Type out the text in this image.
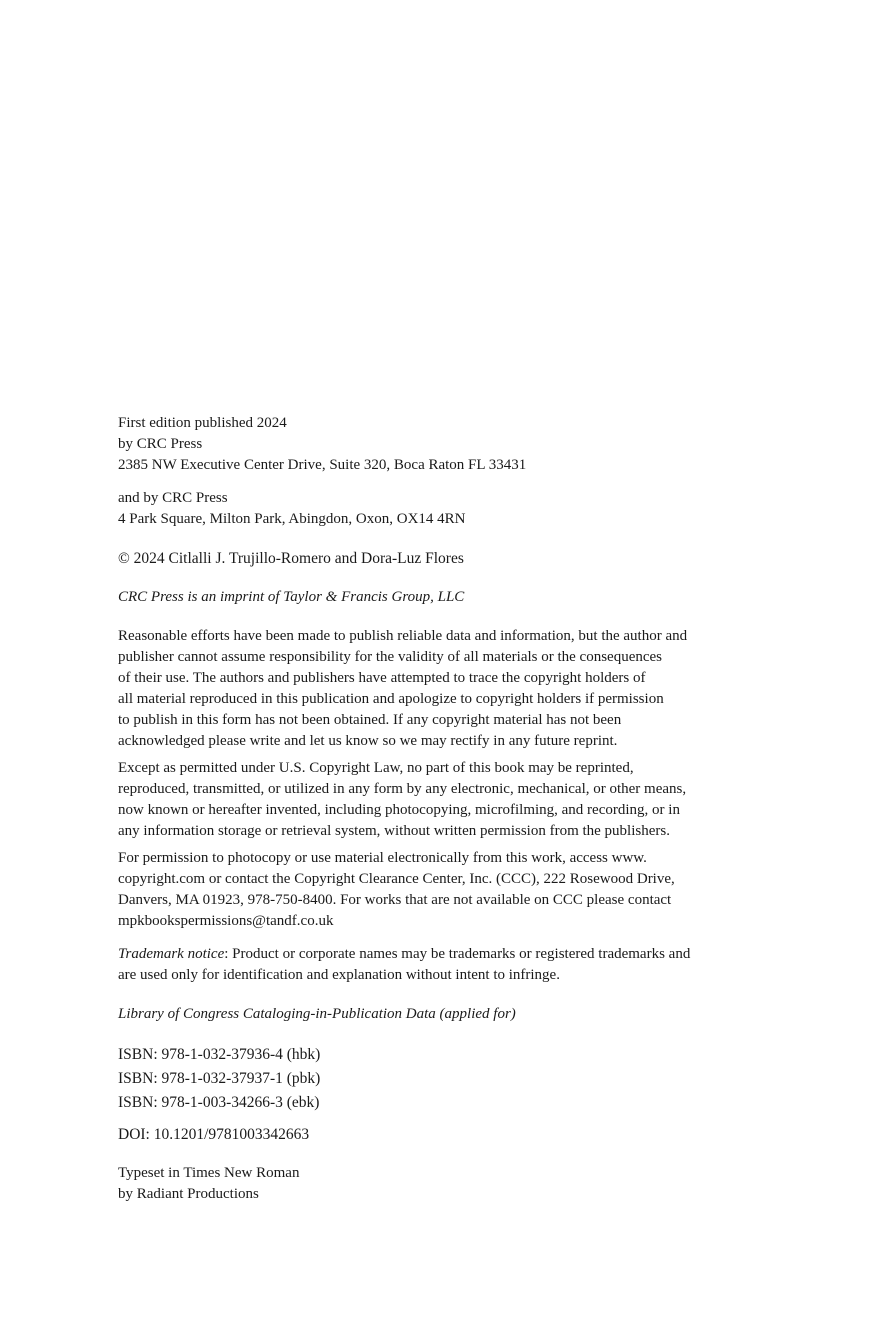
First edition published 2024
by CRC Press
2385 NW Executive Center Drive, Suite 320, Boca Raton FL 33431
and by CRC Press
4 Park Square, Milton Park, Abingdon, Oxon, OX14 4RN
© 2024 Citlalli J. Trujillo-Romero and Dora-Luz Flores
CRC Press is an imprint of Taylor & Francis Group, LLC
Reasonable efforts have been made to publish reliable data and information, but the author and
publisher cannot assume responsibility for the validity of all materials or the consequences
of their use. The authors and publishers have attempted to trace the copyright holders of
all material reproduced in this publication and apologize to copyright holders if permission
to publish in this form has not been obtained. If any copyright material has not been
acknowledged please write and let us know so we may rectify in any future reprint.
Except as permitted under U.S. Copyright Law, no part of this book may be reprinted,
reproduced, transmitted, or utilized in any form by any electronic, mechanical, or other means,
now known or hereafter invented, including photocopying, microfilming, and recording, or in
any information storage or retrieval system, without written permission from the publishers.
For permission to photocopy or use material electronically from this work, access www.
copyright.com or contact the Copyright Clearance Center, Inc. (CCC), 222 Rosewood Drive,
Danvers, MA 01923, 978-750-8400. For works that are not available on CCC please contact
mpkbookspermissions@tandf.co.uk
Trademark notice: Product or corporate names may be trademarks or registered trademarks and
are used only for identification and explanation without intent to infringe.
Library of Congress Cataloging-in-Publication Data (applied for)
ISBN: 978-1-032-37936-4 (hbk)
ISBN: 978-1-032-37937-1 (pbk)
ISBN: 978-1-003-34266-3 (ebk)
DOI: 10.1201/9781003342663
Typeset in Times New Roman
by Radiant Productions
